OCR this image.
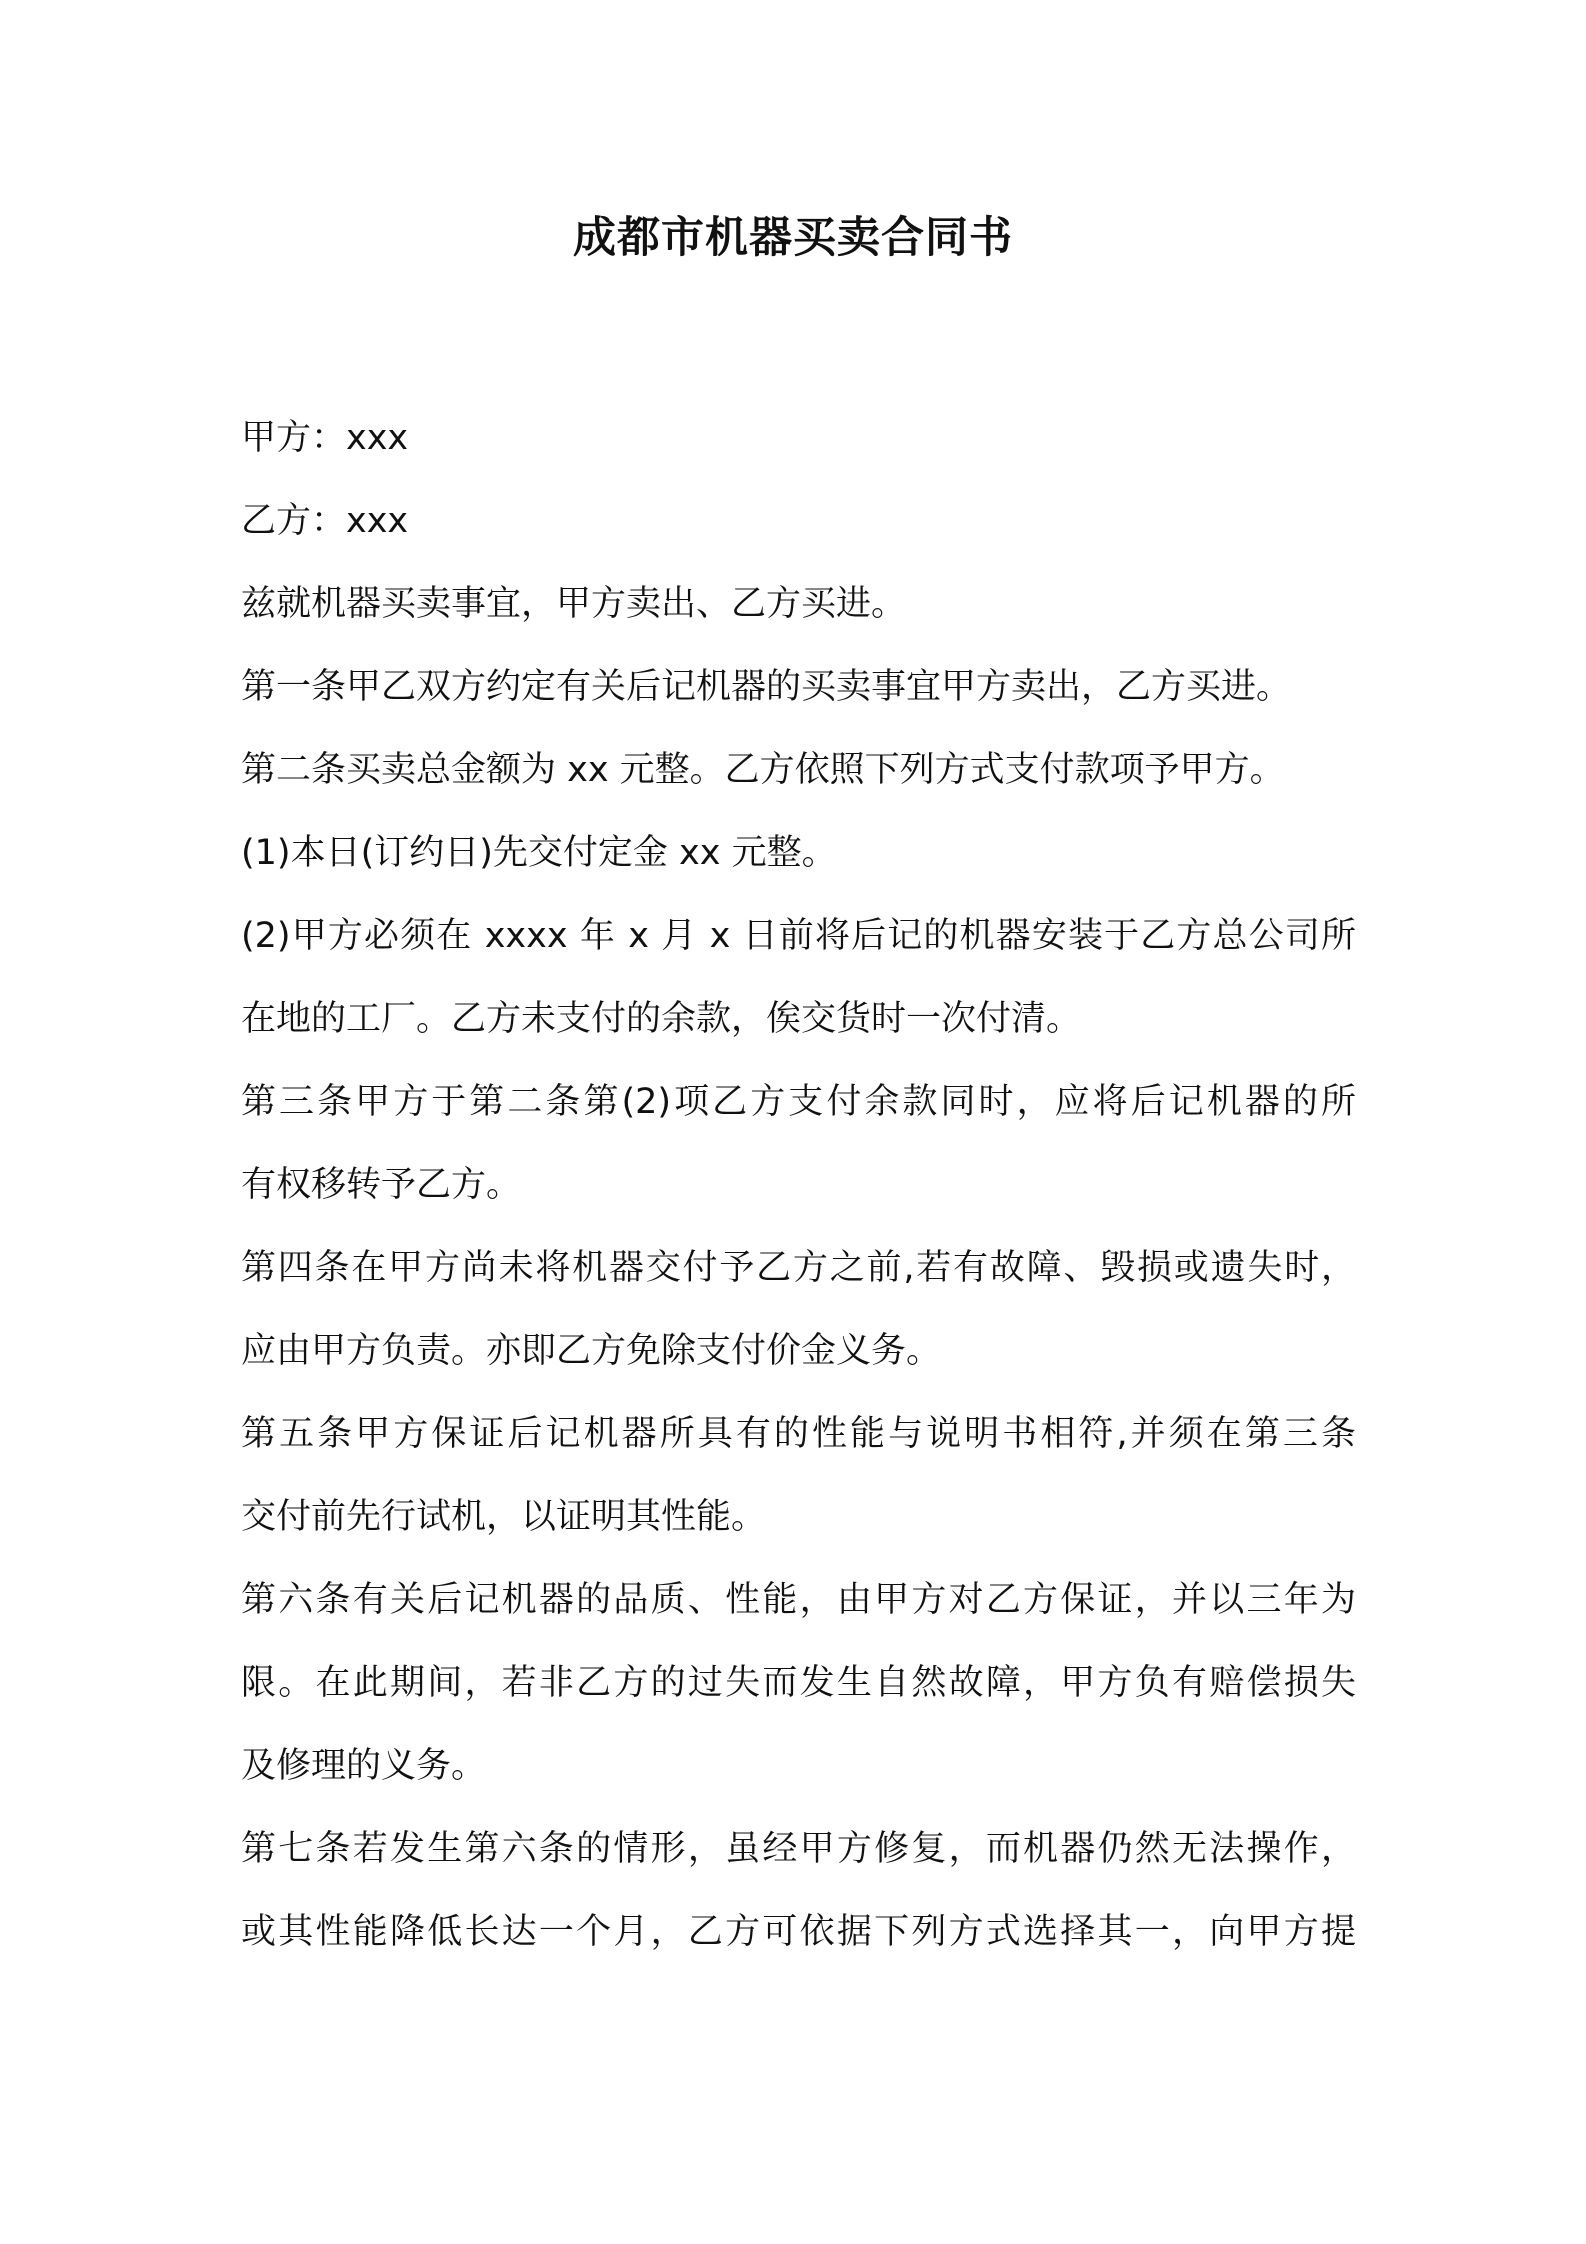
成都市机器买卖合同书
甲方：xxx
乙方：xxx
兹就机器买卖事宜，甲方卖出、乙方买进。
第一条甲乙双方约定有关后记机器的买卖事宜甲方卖出，乙方买进。
第二条买卖总金额为 xx 元整。乙方依照下列方式支付款项予甲方。
(1)本日(订约日)先交付定金 xx 元整。
(2)甲方必须在 xxxx 年 x 月 x 日前将后记的机器安装于乙方总公司所
在地的工厂。乙方未支付的余款，俟交货时一次付清。
第三条甲方于第二条第(2)项乙方支付余款同时，应将后记机器的所
有权移转予乙方。
第四条在甲方尚未将机器交付予乙方之前,若有故障、毁损或遗失时，
应由甲方负责。亦即乙方免除支付价金义务。
第五条甲方保证后记机器所具有的性能与说明书相符,并须在第三条
交付前先行试机，以证明其性能。
第六条有关后记机器的品质、性能，由甲方对乙方保证，并以三年为
限。在此期间，若非乙方的过失而发生自然故障，甲方负有赔偿损失
及修理的义务。
第七条若发生第六条的情形，虽经甲方修复，而机器仍然无法操作，
或其性能降低长达一个月，乙方可依据下列方式选择其一，向甲方提
